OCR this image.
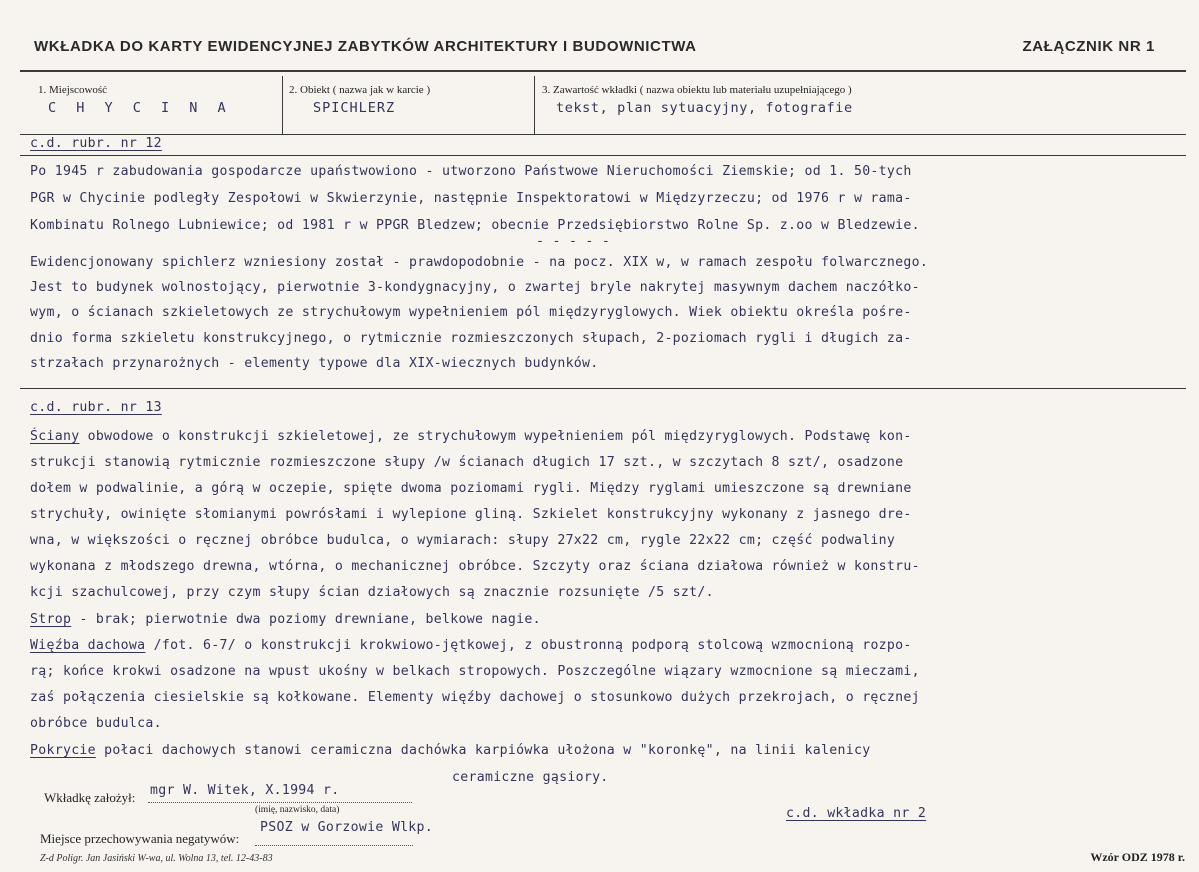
WKŁADKA DO KARTY EWIDENCYJNEJ ZABYTKÓW ARCHITEKTURY I BUDOWNICTWA	ZAŁĄCZNIK NR 1
1. Miejscowość
C H Y C I N A
2. Obiekt ( nazwa jak w karcie )
SPICHLERZ
3. Zawartość wkładki ( nazwa obiektu lub materiału uzupełniającego )
tekst, plan sytuacyjny, fotografie
c.d. rubr. nr 12
Po 1945 r zabudowania gospodarcze upaństwowiono - utworzono Państwowe Nieruchomości Ziemskie; od 1. 50-tych
PGR w Chycinie podległy Zespołowi w Skwierzynie, następnie Inspektoratowi w Międzyrzeczu; od 1976 r w rama-
Kombinatu Rolnego Lubniewice; od 1981 r w PPGR Bledzew; obecnie Przedsiębiorstwo Rolne Sp. z.oo w Bledzewie.
- - - - -
Ewidencjonowany spichlerz wzniesiony został - prawdopodobnie - na pocz. XIX w, w ramach zespołu folwarcznego.
Jest to budynek wolnostojący, pierwotnie 3-kondygnacyjny, o zwartej bryle nakrytej masywnym dachem naczółko-
wym, o ścianach szkieletowych ze strychułowym wypełnieniem pól międzyryglowych. Wiek obiektu określa pośre-
dnio forma szkieletu konstrukcyjnego, o rytmicznie rozmieszczonych słupach, 2-poziomach rygli i długich za-
strzałach przynarożnych - elementy typowe dla XIX-wiecznych budynków.
c.d. rubr. nr 13
Ściany obwodowe o konstrukcji szkieletowej, ze strychułowym wypełnieniem pól międzyryglowych. Podstawę kon-
strukcji stanowią rytmicznie rozmieszczone słupy /w ścianach długich 17 szt., w szczytach 8 szt/, osadzone
dołem w podwalinie, a górą w oczepie, spięte dwoma poziomami rygli. Między ryglami umieszczone są drewniane
strychuły, owinięte słomianymi powrósłami i wylepione gliną. Szkielet konstrukcyjny wykonany z jasnego dre-
wna, w większości o ręcznej obróbce budulca, o wymiarach: słupy 27x22 cm, rygle 22x22 cm; część podwaliny
wykonana z młodszego drewna, wtórna, o mechanicznej obróbce. Szczyty oraz ściana działowa również w konstru-
kcji szachulcowej, przy czym słupy ścian działowych są znacznie rozsunięte /5 szt/.
Strop - brak; pierwotnie dwa poziomy drewniane, belkowe nagie.
Więźba dachowa /fot. 6-7/ o konstrukcji krokwiowo-jętkowej, z obustronną podporą stolcową wzmocnioną rozpo-
rą; końce krokwi osadzone na wpust ukośny w belkach stropowych. Poszczególne wiązary wzmocnione są mieczami,
zaś połączenia ciesielskie są kołkowane. Elementy więźby dachowej o stosunkowo dużych przekrojach, o ręcznej
obróbce budulca.
Pokrycie połaci dachowych stanowi ceramiczna dachówka karpiówka ułożona w "koronkę", na linii kalenicy
ceramiczne gąsiory.
Wkładkę założył: mgr W. Witek, X.1994 r.
(imię, nazwisko, data)
PSOZ w Gorzowie Wlkp.
Miejsce przechowywania negatywów:
c.d. wkładka nr 2
Z-d Poligr. Jan Jasiński W-wa, ul. Wolna 13, tel. 12-43-83	Wzór ODZ 1978 r.
